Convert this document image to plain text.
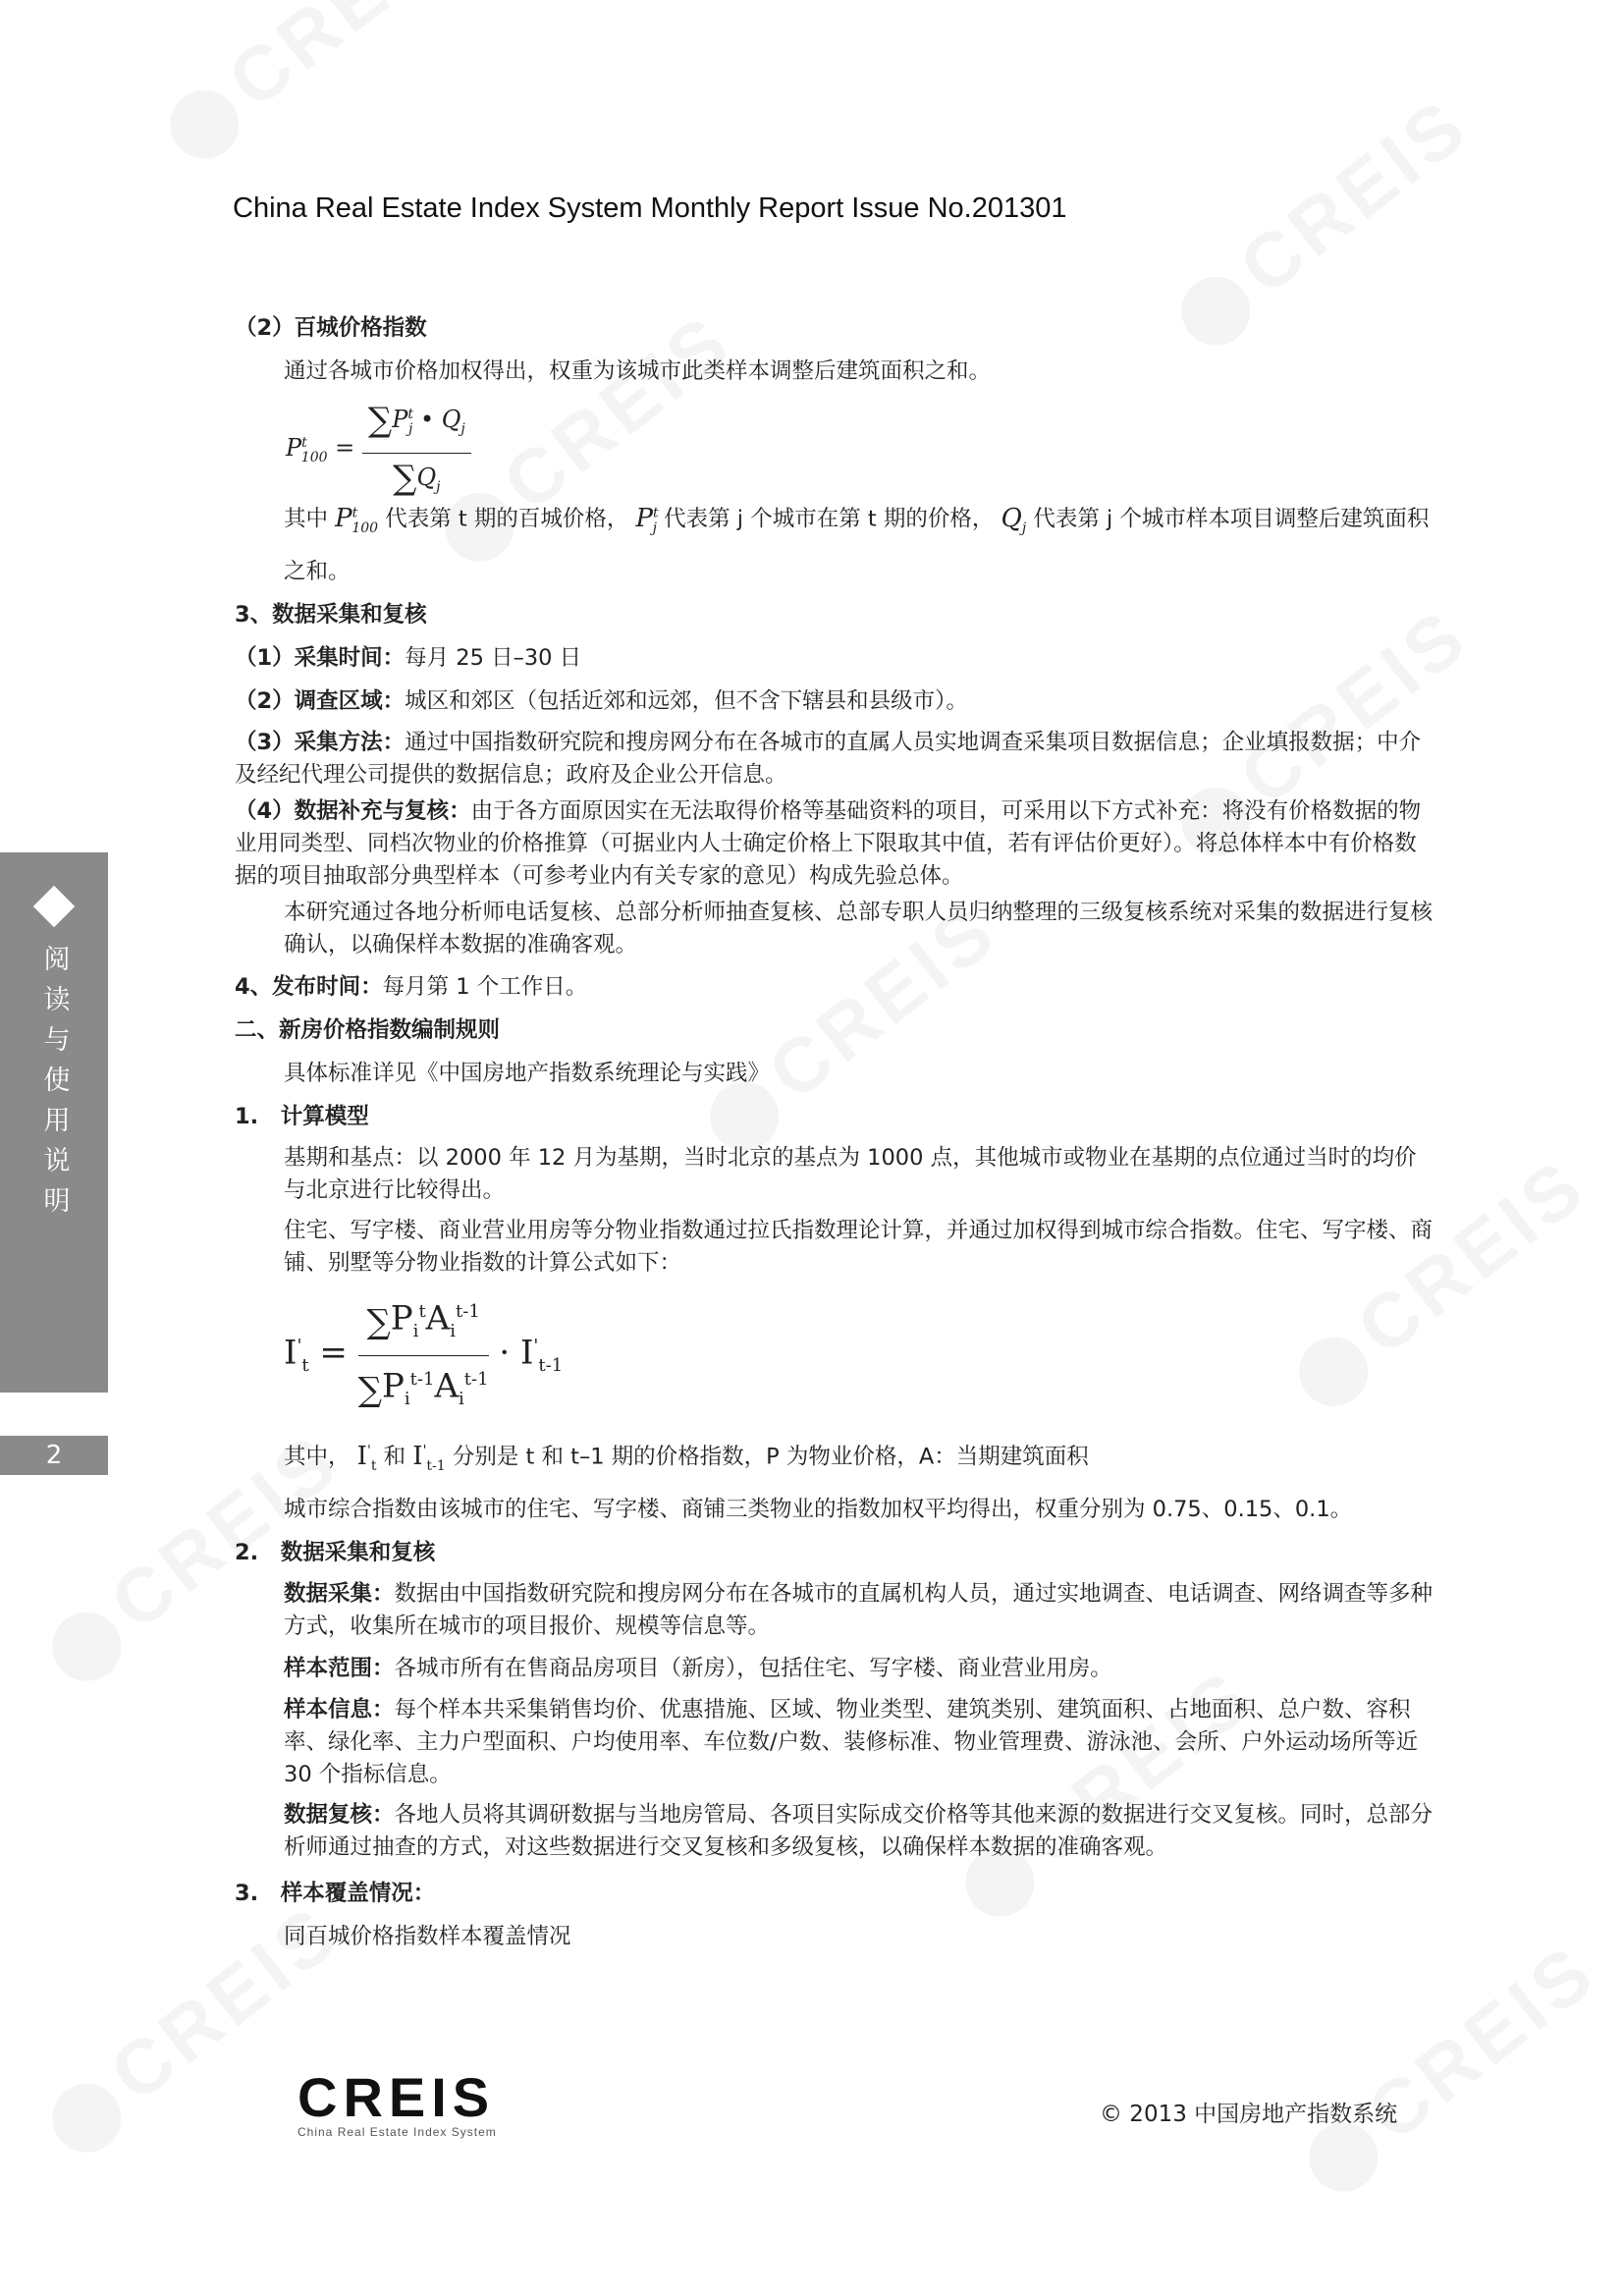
China Real Estate Index System Monthly Report Issue No.201301
阅读与使用说明
2

（2）百城价格指数

通过各城市价格加权得出，权重为该城市此类样本调整后建筑面积之和。

$P^t_{100} = \frac{\sum P^t_j • Q_j}{\sum Q_j}$

其中 $P^t_{100}$ 代表第 t 期的百城价格， $P^t_j$ 代表第 j 个城市在第 t 期的价格， $Q_j$ 代表第 j 个城市样本项目调整后建筑面积之和。

3、数据采集和复核

（1）采集时间：每月 25 日–30 日

（2）调查区域：城区和郊区（包括近郊和远郊，但不含下辖县和县级市）。

（3）采集方法：通过中国指数研究院和搜房网分布在各城市的直属人员实地调查采集项目数据信息；企业填报数据；中介及经纪代理公司提供的数据信息；政府及企业公开信息。

（4）数据补充与复核：由于各方面原因实在无法取得价格等基础资料的项目，可采用以下方式补充：将没有价格数据的物业用同类型、同档次物业的价格推算（可据业内人士确定价格上下限取其中值，若有评估价更好）。将总体样本中有价格数据的项目抽取部分典型样本（可参考业内有关专家的意见）构成先验总体。

本研究通过各地分析师电话复核、总部分析师抽查复核、总部专职人员归纳整理的三级复核系统对采集的数据进行复核确认，以确保样本数据的准确客观。

4、发布时间：每月第 1 个工作日。

二、新房价格指数编制规则

具体标准详见《中国房地产指数系统理论与实践》

1.　计算模型

基期和基点：以 2000 年 12 月为基期，当时北京的基点为 1000 点，其他城市或物业在基期的点位通过当时的均价与北京进行比较得出。

住宅、写字楼、商业营业用房等分物业指数通过拉氏指数理论计算，并通过加权得到城市综合指数。住宅、写字楼、商铺、别墅等分物业指数的计算公式如下：

$I'_t = \frac{\sum P_i^tA_i^{t-1}}{\sum P_i^{t-1}A_i^{t-1}} \cdot I'_{t-1}$

其中， $I'_t$ 和 $I'_{t-1}$ 分别是 t 和 t–1 期的价格指数，P 为物业价格，A：当期建筑面积

城市综合指数由该城市的住宅、写字楼、商铺三类物业的指数加权平均得出，权重分别为 0.75、0.15、0.1。

2.　数据采集和复核

数据采集：数据由中国指数研究院和搜房网分布在各城市的直属机构人员，通过实地调查、电话调查、网络调查等多种方式，收集所在城市的项目报价、规模等信息等。

样本范围：各城市所有在售商品房项目（新房），包括住宅、写字楼、商业营业用房。

样本信息：每个样本共采集销售均价、优惠措施、区域、物业类型、建筑类别、建筑面积、占地面积、总户数、容积率、绿化率、主力户型面积、户均使用率、车位数/户数、装修标准、物业管理费、游泳池、会所、户外运动场所等近 30 个指标信息。

数据复核：各地人员将其调研数据与当地房管局、各项目实际成交价格等其他来源的数据进行交叉复核。同时，总部分析师通过抽查的方式，对这些数据进行交叉复核和多级复核，以确保样本数据的准确客观。

3.　样本覆盖情况：

同百城价格指数样本覆盖情况

CREIS
China Real Estate Index System
© 2013 中国房地产指数系统
